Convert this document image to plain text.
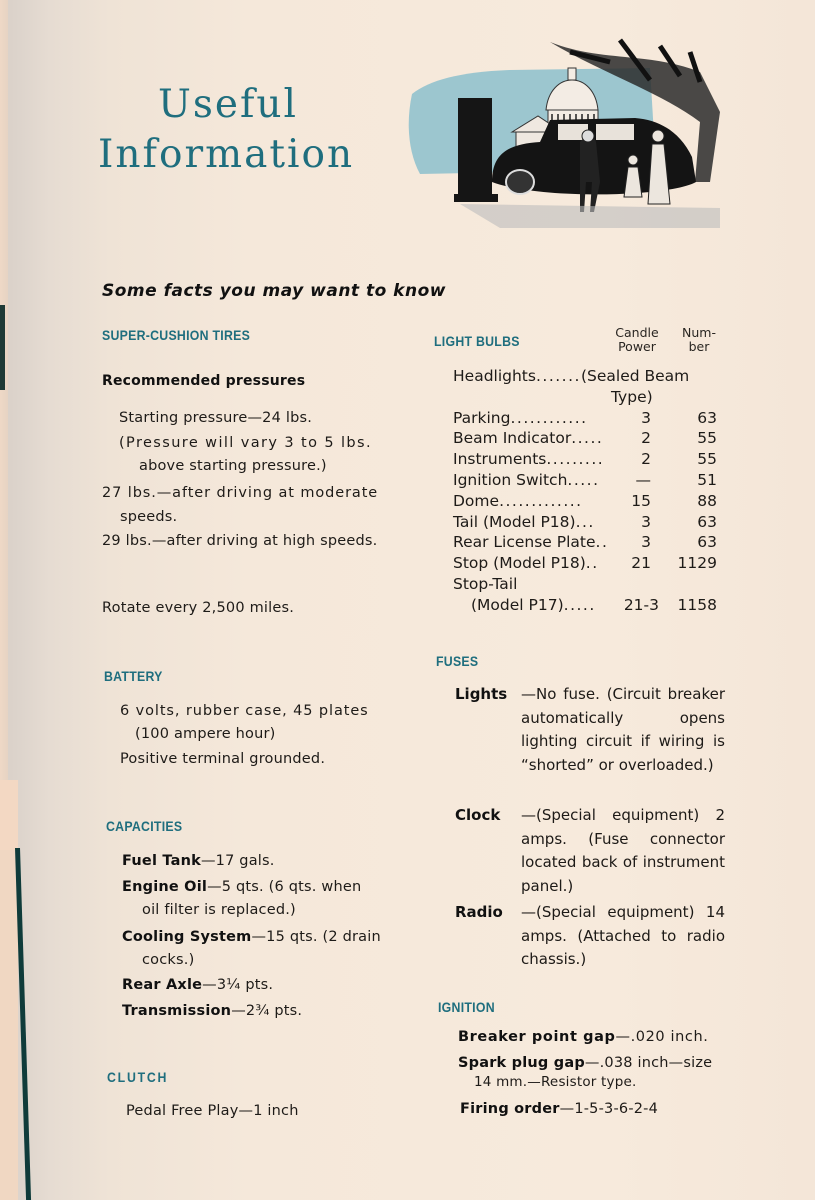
Useful
Information
Some facts you may want to know
SUPER-CUSHION TIRES
Recommended pressures
Starting pressure—24 lbs.
(Pressure will vary 3 to 5 lbs.
above starting pressure.)
27 lbs.—after driving at moderate
speeds.
29 lbs.—after driving at high speeds.
Rotate every 2,500 miles.
BATTERY
6 volts, rubber case, 45 plates
(100 ampere hour)
Positive terminal grounded.
CAPACITIES
Fuel Tank—17 gals.
Engine Oil—5 qts. (6 qts. when
oil filter is replaced.)
Cooling System—15 qts. (2 drain
cocks.)
Rear Axle—3¼ pts.
Transmission—2¾ pts.
CLUTCH
Pedal Free Play—1 inch
LIGHT BULBS
Candle
Power
Num-
ber
Headlights.......(Sealed Beam
Type)
Parking............	3	63
Beam Indicator.....	2	55
Instruments.........	2	55
Ignition Switch.....	—	51
Dome.............	15	88
Tail (Model P18)...	3	63
Rear License Plate..	3	63
Stop (Model P18)..	21	1129
Stop-Tail
(Model P17).....	21-3	1158
FUSES
Lights —No fuse. (Circuit breaker automatically opens lighting circuit if wiring is “shorted” or overloaded.)
Clock —(Special equipment) 2 amps. (Fuse connector located back of instrument panel.)
Radio —(Special equipment) 14 amps. (Attached to radio chassis.)
IGNITION
Breaker point gap—.020 inch.
Spark plug gap—.038 inch—size
14 mm.—Resistor type.
Firing order—1-5-3-6-2-4
